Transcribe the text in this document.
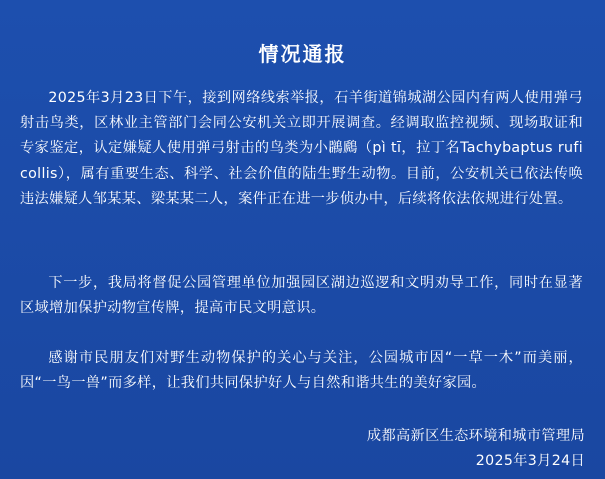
情况通报

2025年3月23日下午，接到网络线索举报，石羊街道锦城湖公园内有两人使用弹弓射击鸟类，区林业主管部门会同公安机关立即开展调查。经调取监控视频、现场取证和专家鉴定，认定嫌疑人使用弹弓射击的鸟类为小鸊鷉（pì tī，拉丁名Tachybaptus ruficollis），属有重要生态、科学、社会价值的陆生野生动物。目前，公安机关已依法传唤违法嫌疑人邹某某、梁某某二人，案件正在进一步侦办中，后续将依法依规进行处置。

下一步，我局将督促公园管理单位加强园区湖边巡逻和文明劝导工作，同时在显著区域增加保护动物宣传牌，提高市民文明意识。

感谢市民朋友们对野生动物保护的关心与关注，公园城市因“一草一木”而美丽，因“一鸟一兽”而多样，让我们共同保护好人与自然和谐共生的美好家园。

成都高新区生态环境和城市管理局

2025年3月24日
